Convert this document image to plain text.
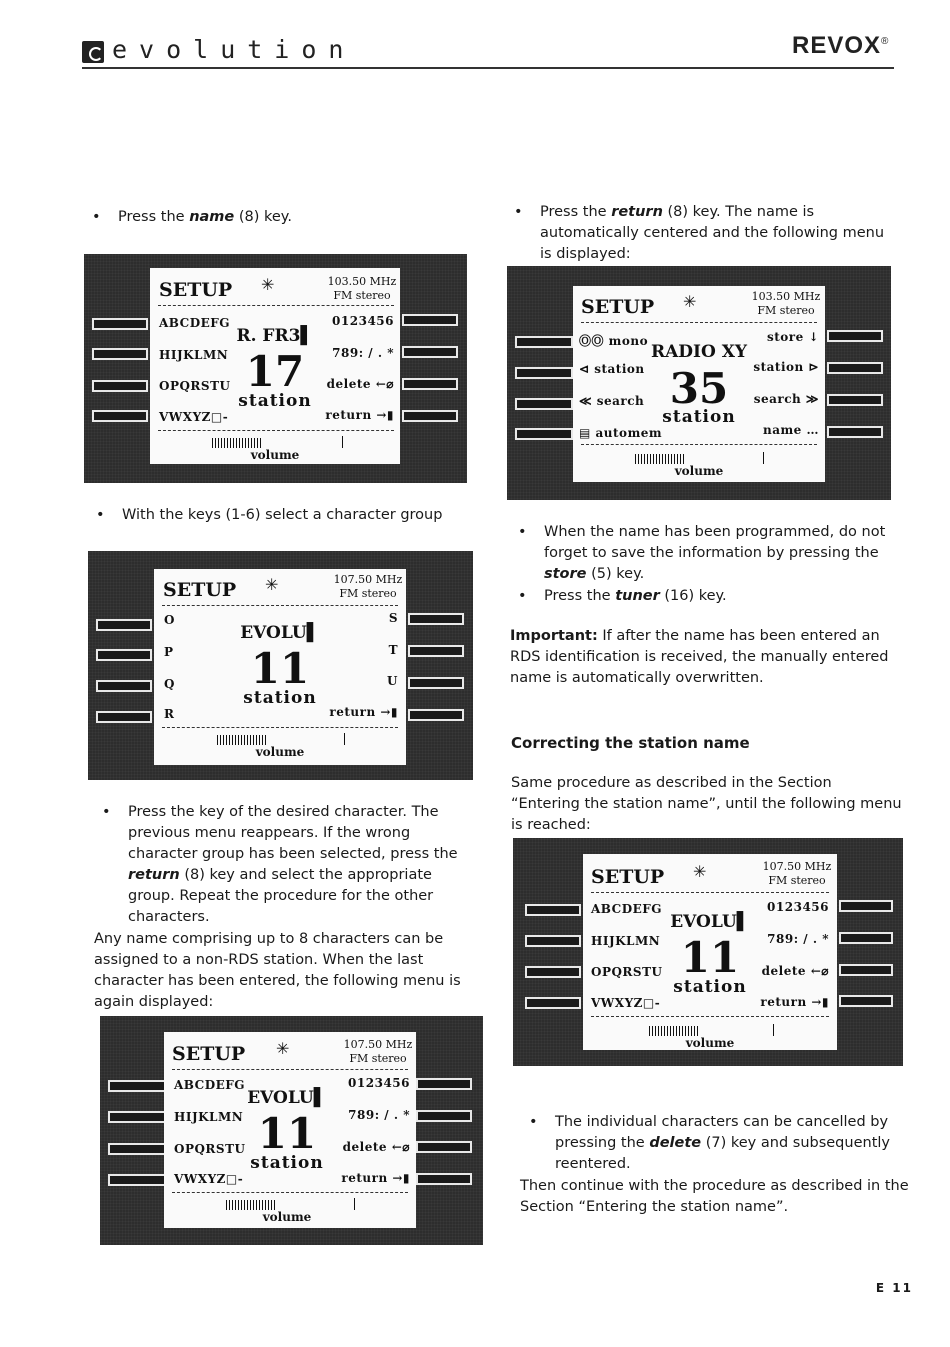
evolution	REVOX®
• Press the name (8) key.
SETUP ✳	103.50 MHz
FM stereo
ABCDEFG
HIJKLMN
OPQRSTU
VWXYZ□-
0123456
789: / . *
delete ←⌀
return →▮
R. FR3▌
17
station
volume
• With the keys (1-6) select a character group
SETUP ✳	107.50 MHz
FM stereo
O
P
Q
R
S
T
U
return →▮
EVOLU▌
11
station
volume
• Press the key of the desired character. The previous menu reappears. If the wrong character group has been selected, press the return (8) key and select the appropriate group. Repeat the procedure for the other characters.
Any name comprising up to 8 characters can be assigned to a non-RDS station. When the last character has been entered, the following menu is again displayed:
SETUP ✳	107.50 MHz
FM stereo
ABCDEFG
HIJKLMN
OPQRSTU
VWXYZ□-
0123456
789: / . *
delete ←⌀
return →▮
EVOLU▌
11
station
volume
• Press the return (8) key. The name is automatically centered and the following menu is displayed:
SETUP ✳	103.50 MHz
FM stereo
ⓄⓄ mono
⊲ station
≪ search
▤ automem
store ↓
station ⊳
search ≫
name …
RADIO XY
35
station
volume
• When the name has been programmed, do not forget to save the information by pressing the store (5) key.
• Press the tuner (16) key.
Important: If after the name has been entered an RDS identification is received, the manually entered name is automatically overwritten.
Correcting the station name
Same procedure as described in the Section “Entering the station name”, until the following menu is reached:
SETUP ✳	107.50 MHz
FM stereo
ABCDEFG
HIJKLMN
OPQRSTU
VWXYZ□-
0123456
789: / . *
delete ←⌀
return →▮
EVOLU▌
11
station
volume
• The individual characters can be cancelled by pressing the delete (7) key and subsequently reentered.
Then continue with the procedure as described in the Section “Entering the station name”.
E 11
